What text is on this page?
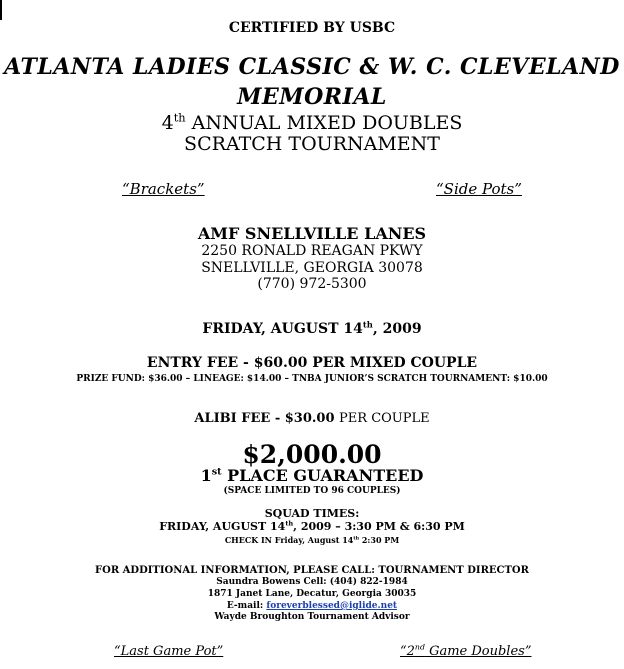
CERTIFIED BY USBC
ATLANTA LADIES CLASSIC & W. C. CLEVELAND
MEMORIAL
4th ANNUAL MIXED DOUBLES
SCRATCH TOURNAMENT
“Brackets”	“Side Pots”
AMF SNELLVILLE LANES
2250 RONALD REAGAN PKWY
SNELLVILLE, GEORGIA 30078
(770) 972-5300
FRIDAY, AUGUST 14th, 2009
ENTRY FEE - $60.00 PER MIXED COUPLE
PRIZE FUND: $36.00 – LINEAGE: $14.00 – TNBA JUNIOR’S SCRATCH TOURNAMENT: $10.00
ALIBI FEE - $30.00 PER COUPLE
$2,000.00
1st PLACE GUARANTEED
(SPACE LIMITED TO 96 COUPLES)
SQUAD TIMES:
FRIDAY, AUGUST 14th, 2009 – 3:30 PM & 6:30 PM
CHECK IN Friday, August 14th 2:30 PM
FOR ADDITIONAL INFORMATION, PLEASE CALL: TOURNAMENT DIRECTOR
Saundra Bowens Cell: (404) 822-1984
1871 Janet Lane, Decatur, Georgia 30035
E-mail: foreverblessed@iglide.net
Wayde Broughton Tournament Advisor
“Last Game Pot”	“2nd Game Doubles”
